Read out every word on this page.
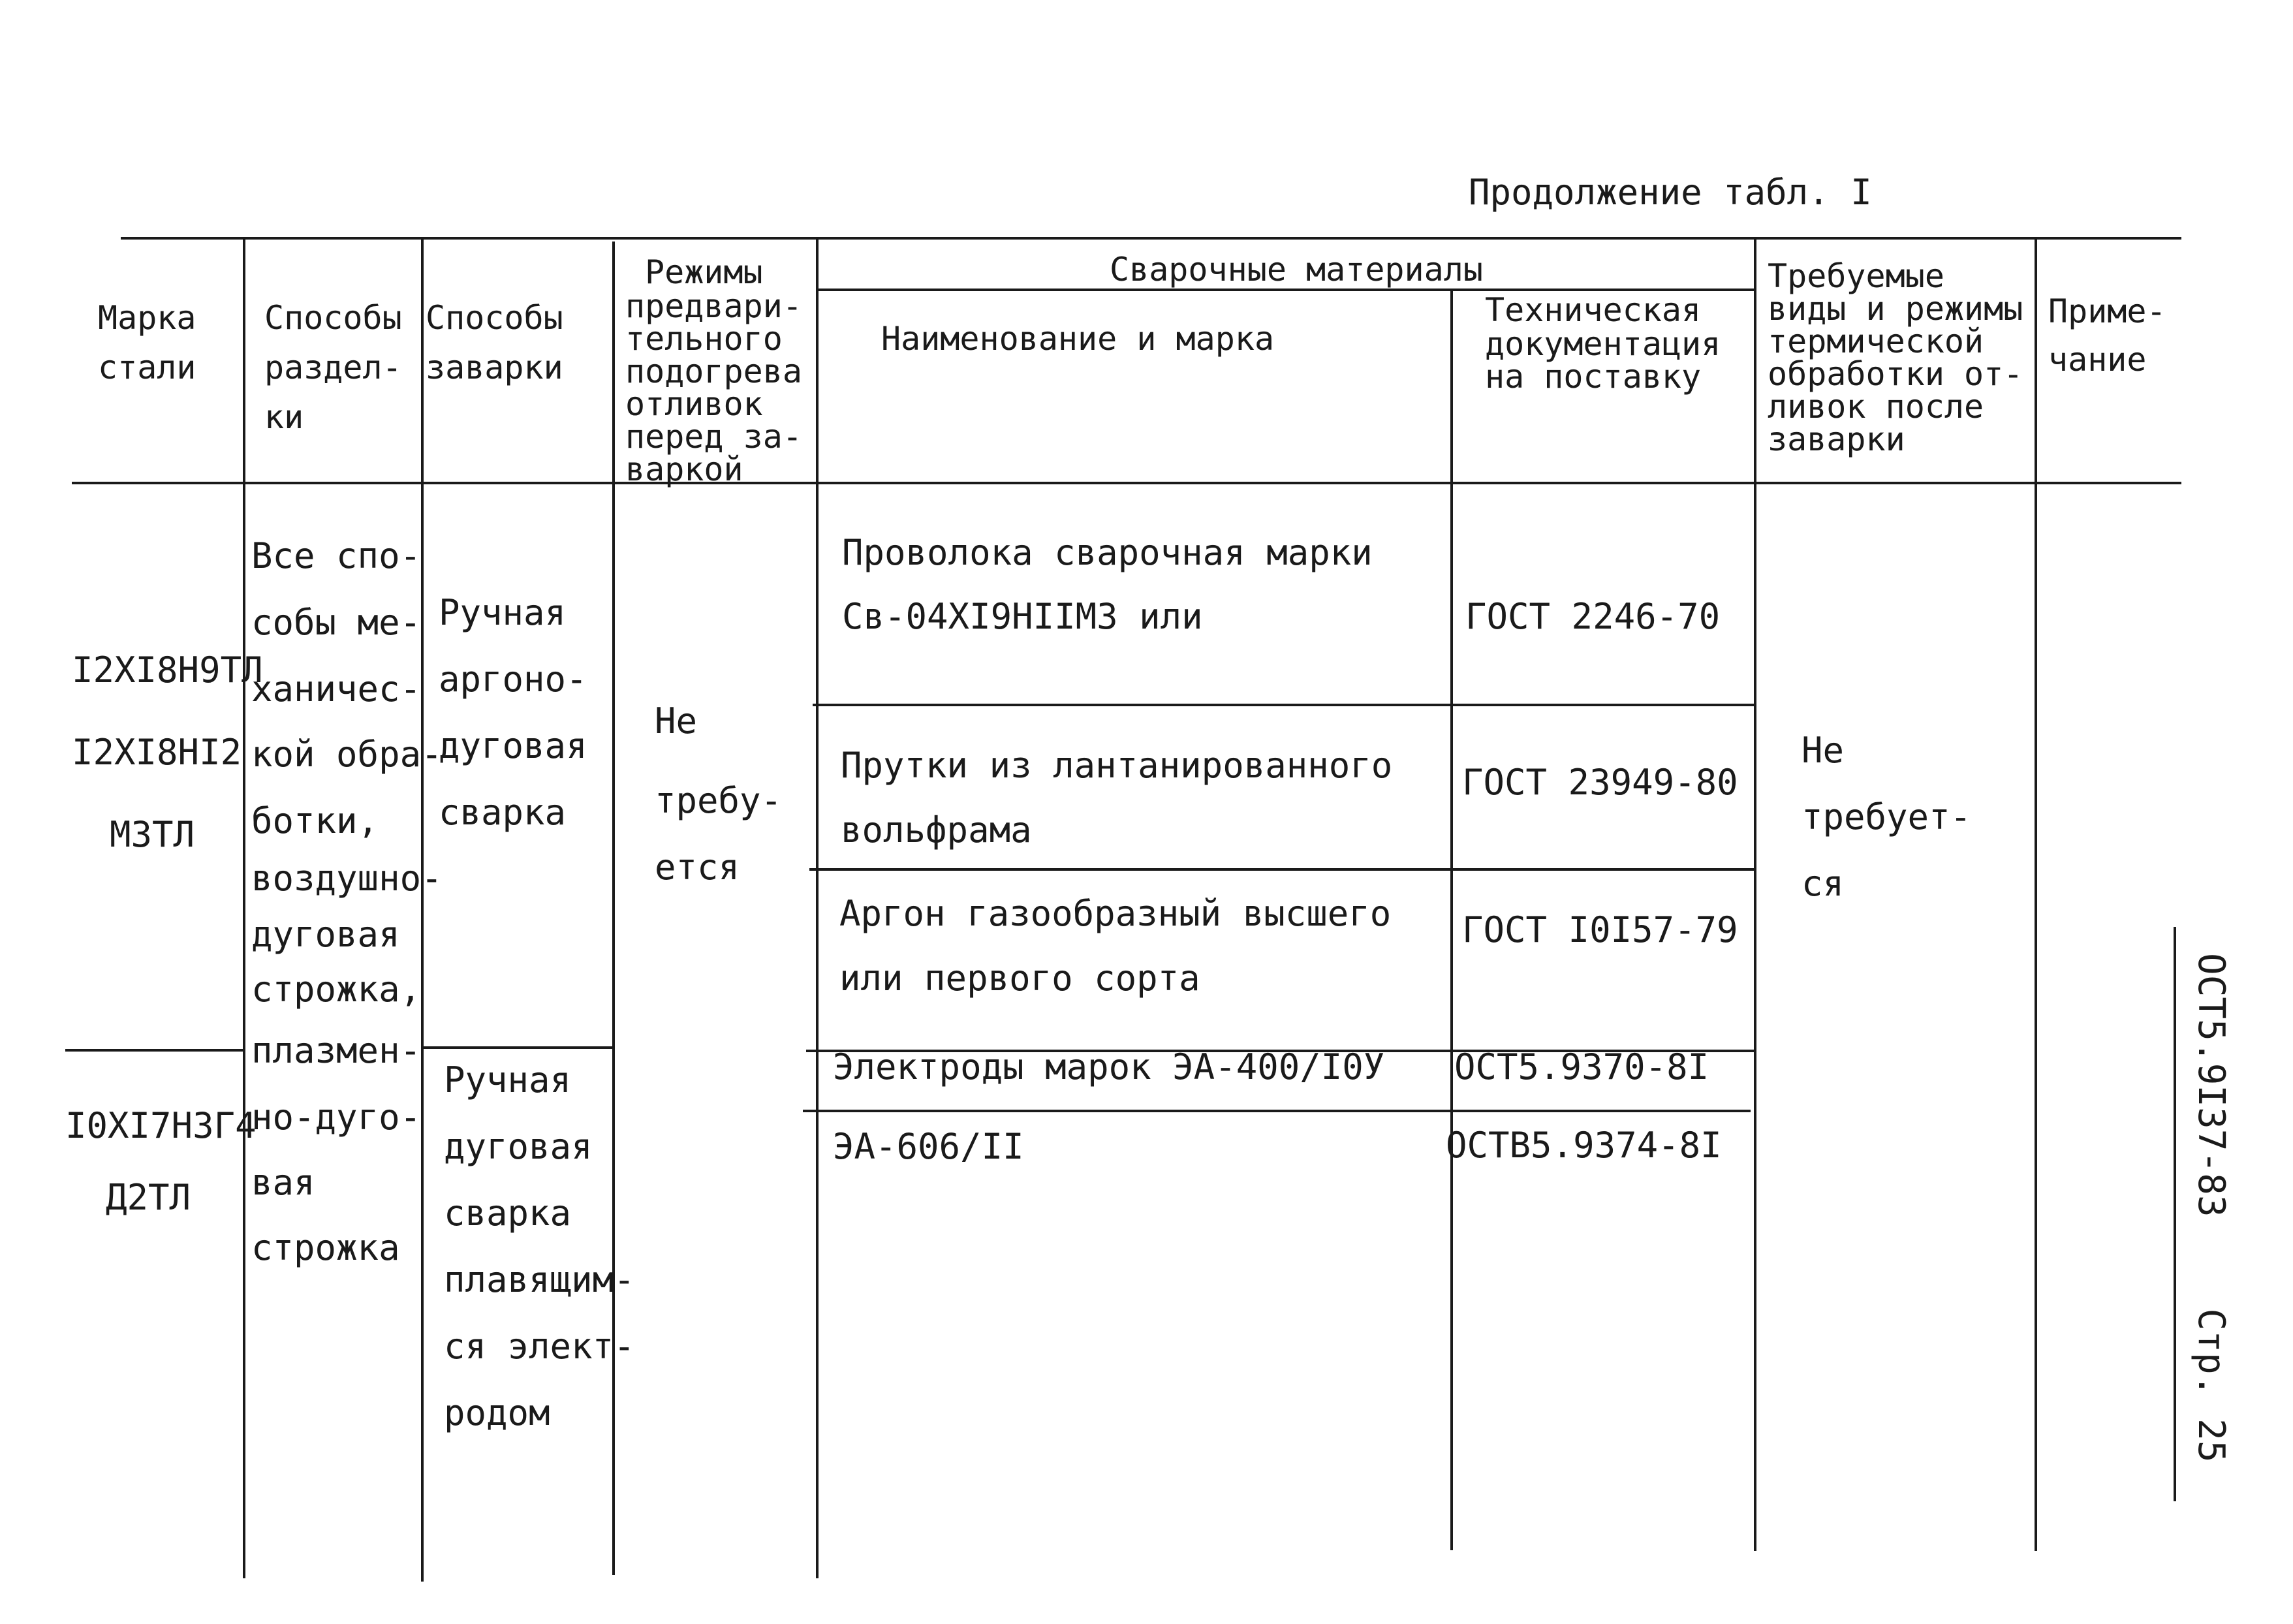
Продолжение табл. I
Марка
стали
Способы
раздел-
ки
Способы
заварки
Режимы
предвари-
тельного
подогрева
отливок
перед за-
варкой
Сварочные материалы
Наименование и марка
Техническая
документация
на поставку
Требуемые
виды и режимы
термической
обработки от-
ливок после
заварки
Приме-
чание
I2XI8H9TЛ
I2XI8HI2
M3TЛ
I0XI7H3Г4
Д2TЛ
Все спо-
собы ме-
ханичес-
кой обра-
ботки,
воздушно-
дуговая
строжка,
плазмен-
но-дуго-
вая
строжка
Ручная
аргоно-
дуговая
сварка
Ручная
дуговая
сварка
плавящим-
ся элект-
родом
Не
требу-
ется
Проволока сварочная марки
Св-04XI9HIIM3 или	ГОСТ 2246-70
Прутки из лантанированного
вольфрама
ГОСТ 23949-80
Аргон газообразный высшего
или первого сорта
ГОСТ I0I57-79
Электроды марок ЭА-400/I0У ОСТ5.9370-8I
ЭА-606/II	ОСТВ5.9374-8I
Не
требует-
ся
ОСТ5.9I37-83Стр. 25
